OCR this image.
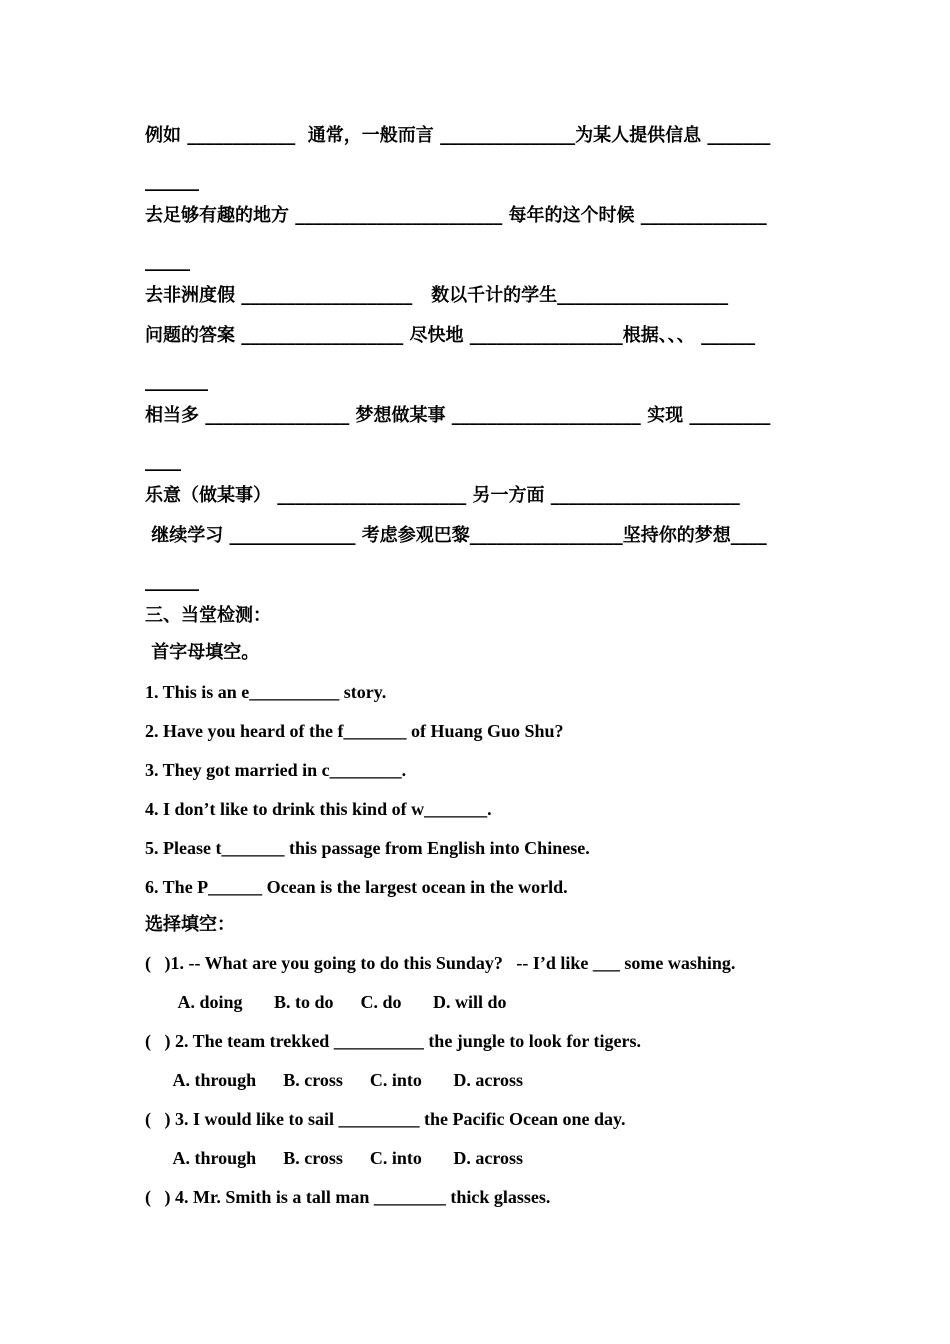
例如 ____________  通常，一般而言 _______________为某人提供信息 _______
______
去足够有趣的地方 _______________________ 每年的这个时候 ______________
_____
去非洲度假 ___________________   数以千计的学生___________________
问题的答案 __________________ 尽快地 _________________根据、、、 ______
_______
相当多 ________________ 梦想做某事 _____________________ 实现 _________
____
乐意（做某事） _____________________ 另一方面 _____________________
继续学习 ______________ 考虑参观巴黎_________________坚持你的梦想____
______
三、当堂检测：
首字母填空。
1. This is an e__________ story.
2. Have you heard of the f_______ of Huang Guo Shu?
3. They got married in c________.
4. I don’t like to drink this kind of w_______.
5. Please t_______ this passage from English into Chinese.
6. The P______ Ocean is the largest ocean in the world.
选择填空：
(   )1. -- What are you going to do this Sunday?   -- I’d like ___ some washing.
A. doing       B. to do      C. do       D. will do
(   ) 2. The team trekked __________ the jungle to look for tigers.
A. through      B. cross      C. into       D. across
(   ) 3. I would like to sail _________ the Pacific Ocean one day.
A. through      B. cross      C. into       D. across
(   ) 4. Mr. Smith is a tall man ________ thick glasses.
